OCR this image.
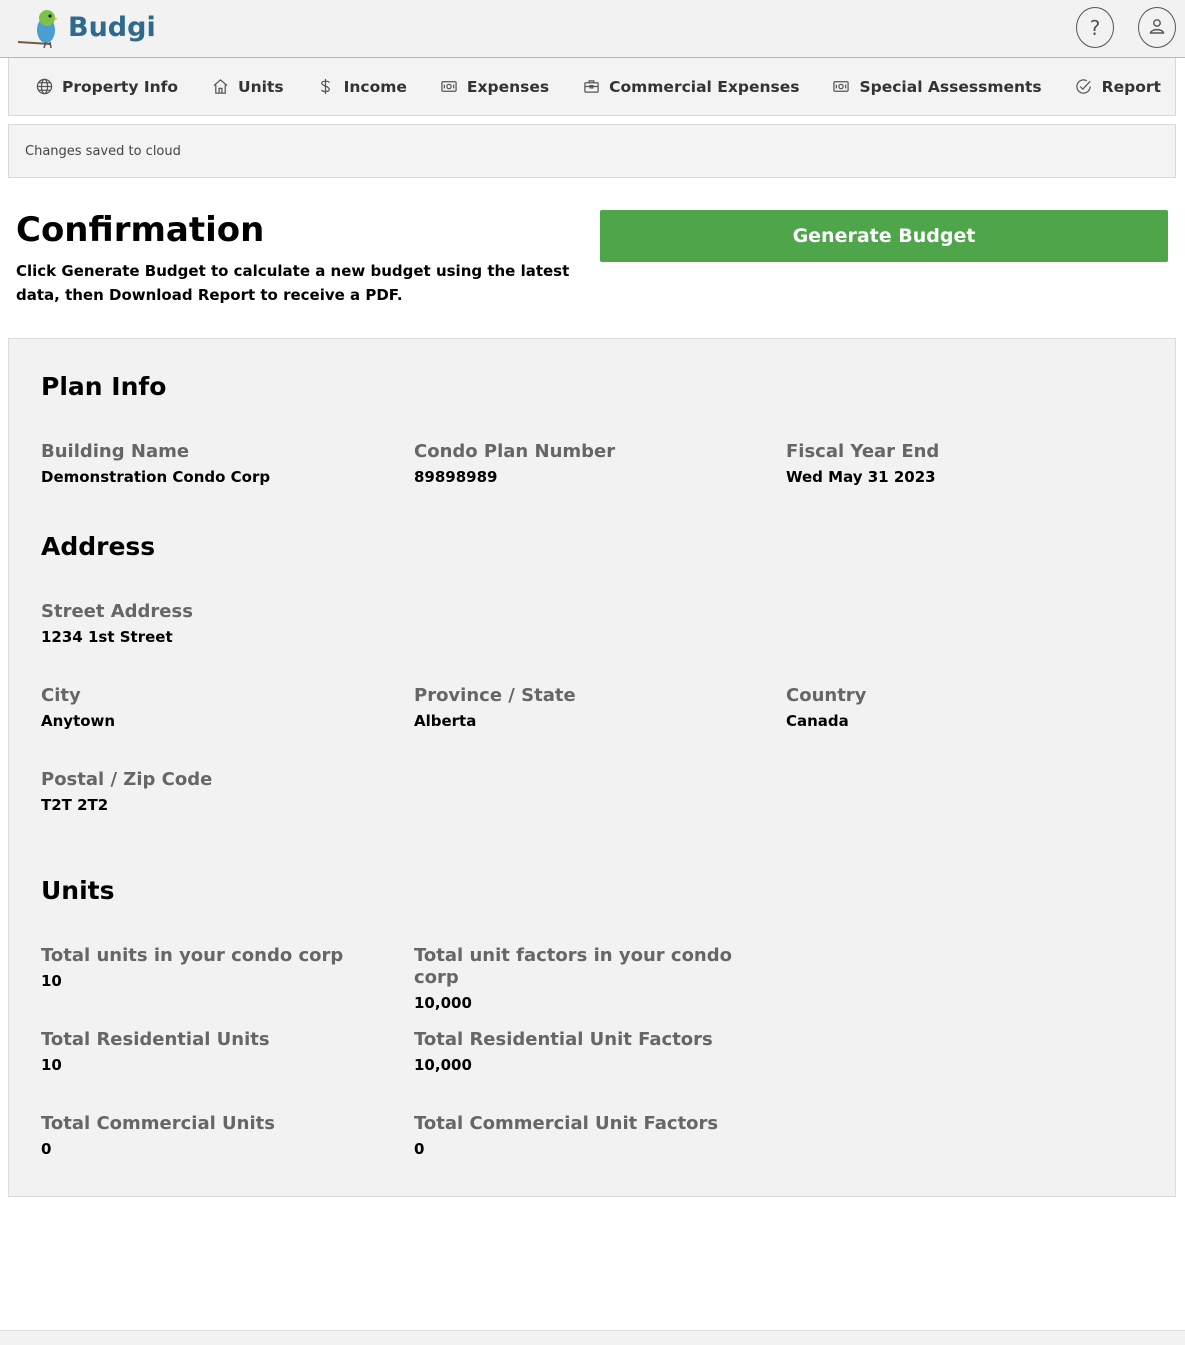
Budgi	?
Property Info	Units	Income	Expenses	Commercial Expenses	Special Assessments	Report
Changes saved to cloud
Confirmation
Click Generate Budget to calculate a new budget using the latest data, then Download Report to receive a PDF.
Generate Budget
Plan Info
Building Name
Demonstration Condo Corp
Condo Plan Number
89898989
Fiscal Year End
Wed May 31 2023
Address
Street Address
1234 1st Street
City
Anytown
Province / State
Alberta
Country
Canada
Postal / Zip Code
T2T 2T2
Units
Total units in your condo corp
10
Total unit factors in your condo corp
10,000
Total Residential Units
10
Total Residential Unit Factors
10,000
Total Commercial Units
0
Total Commercial Unit Factors
0
